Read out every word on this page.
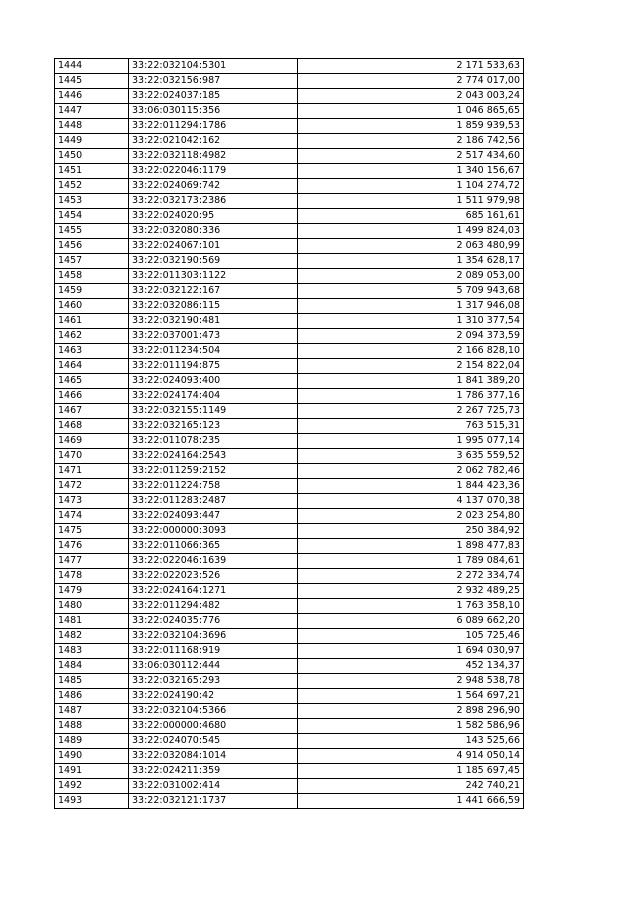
1444	33:22:032104:5301	2 171 533,63
1445	33:22:032156:987	2 774 017,00
1446	33:22:024037:185	2 043 003,24
1447	33:06:030115:356	1 046 865,65
1448	33:22:011294:1786	1 859 939,53
1449	33:22:021042:162	2 186 742,56
1450	33:22:032118:4982	2 517 434,60
1451	33:22:022046:1179	1 340 156,67
1452	33:22:024069:742	1 104 274,72
1453	33:22:032173:2386	1 511 979,98
1454	33:22:024020:95	685 161,61
1455	33:22:032080:336	1 499 824,03
1456	33:22:024067:101	2 063 480,99
1457	33:22:032190:569	1 354 628,17
1458	33:22:011303:1122	2 089 053,00
1459	33:22:032122:167	5 709 943,68
1460	33:22:032086:115	1 317 946,08
1461	33:22:032190:481	1 310 377,54
1462	33:22:037001:473	2 094 373,59
1463	33:22:011234:504	2 166 828,10
1464	33:22:011194:875	2 154 822,04
1465	33:22:024093:400	1 841 389,20
1466	33:22:024174:404	1 786 377,16
1467	33:22:032155:1149	2 267 725,73
1468	33:22:032165:123	763 515,31
1469	33:22:011078:235	1 995 077,14
1470	33:22:024164:2543	3 635 559,52
1471	33:22:011259:2152	2 062 782,46
1472	33:22:011224:758	1 844 423,36
1473	33:22:011283:2487	4 137 070,38
1474	33:22:024093:447	2 023 254,80
1475	33:22:000000:3093	250 384,92
1476	33:22:011066:365	1 898 477,83
1477	33:22:022046:1639	1 789 084,61
1478	33:22:022023:526	2 272 334,74
1479	33:22:024164:1271	2 932 489,25
1480	33:22:011294:482	1 763 358,10
1481	33:22:024035:776	6 089 662,20
1482	33:22:032104:3696	105 725,46
1483	33:22:011168:919	1 694 030,97
1484	33:06:030112:444	452 134,37
1485	33:22:032165:293	2 948 538,78
1486	33:22:024190:42	1 564 697,21
1487	33:22:032104:5366	2 898 296,90
1488	33:22:000000:4680	1 582 586,96
1489	33:22:024070:545	143 525,66
1490	33:22:032084:1014	4 914 050,14
1491	33:22:024211:359	1 185 697,45
1492	33:22:031002:414	242 740,21
1493	33:22:032121:1737	1 441 666,59
